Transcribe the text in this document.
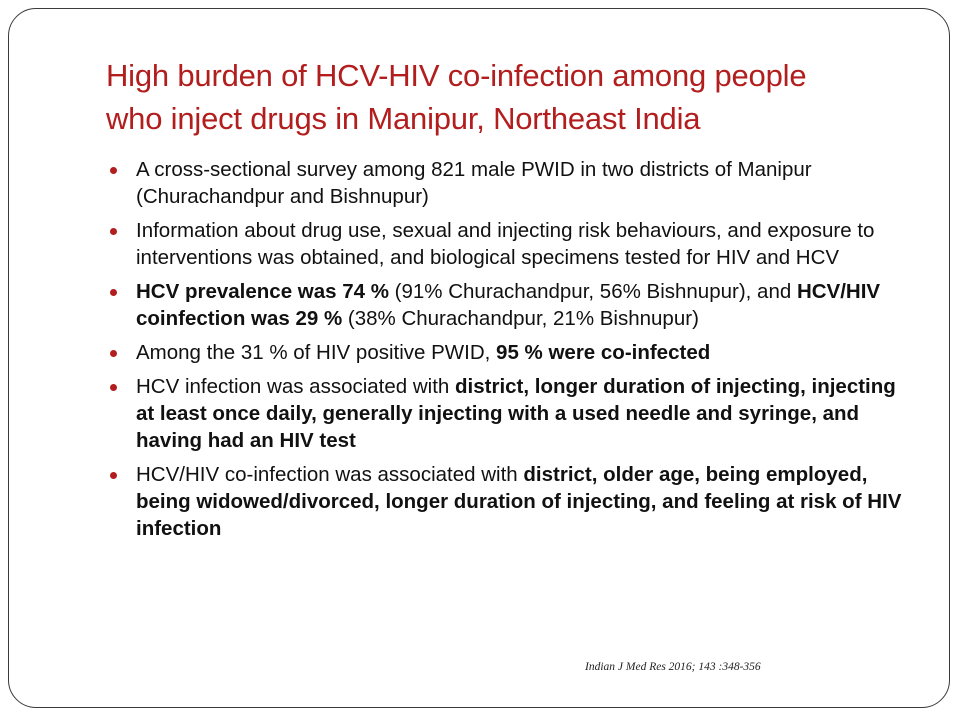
High burden of HCV-HIV co-infection among people
who inject drugs in Manipur, Northeast India
A cross-sectional survey among 821 male PWID in two districts of Manipur (Churachandpur and Bishnupur)
Information about drug use, sexual and injecting risk behaviours, and exposure to interventions was obtained, and biological specimens tested for HIV and HCV
HCV prevalence was 74 % (91% Churachandpur, 56% Bishnupur), and HCV/HIV coinfection was 29 % (38% Churachandpur, 21% Bishnupur)
Among the 31 % of HIV positive PWID, 95 % were co-infected
HCV infection was associated with district, longer duration of injecting, injecting at least once daily, generally injecting with a used needle and syringe, and having had an HIV test
HCV/HIV co-infection was associated with district, older age, being employed, being widowed/divorced, longer duration of injecting, and feeling at risk of HIV infection
Indian J Med Res 2016; 143 :348-356
